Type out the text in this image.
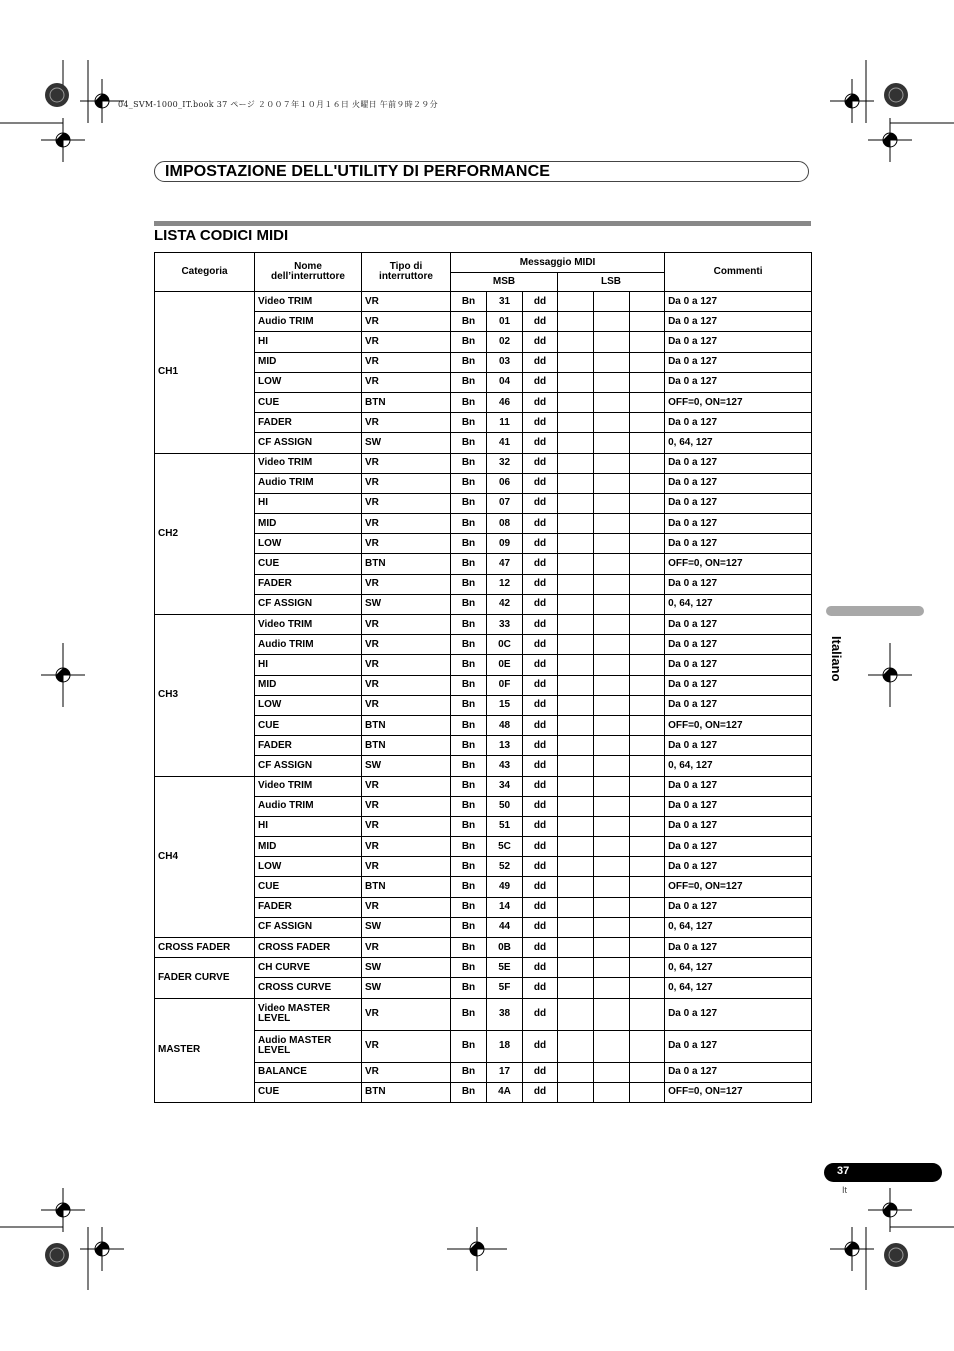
04_SVM-1000_IT.book 37 ページ ２００７年１０月１６日 火曜日 午前９時２９分
IMPOSTAZIONE DELL'UTILITY DI PERFORMANCE
LISTA CODICI MIDI
Italiano
Categoria	Nome dell’interruttore	Tipo di interruttore	Messaggio MIDI						Commenti
			MSB			LSB			
CH1	Video TRIM	VR	Bn	31	dd				Da 0 a 127
	Audio TRIM	VR	Bn	01	dd				Da 0 a 127
	HI	VR	Bn	02	dd				Da 0 a 127
	MID	VR	Bn	03	dd				Da 0 a 127
	LOW	VR	Bn	04	dd				Da 0 a 127
	CUE	BTN	Bn	46	dd				OFF=0, ON=127
	FADER	VR	Bn	11	dd				Da 0 a 127
	CF ASSIGN	SW	Bn	41	dd				0, 64, 127
CH2	Video TRIM	VR	Bn	32	dd				Da 0 a 127
	Audio TRIM	VR	Bn	06	dd				Da 0 a 127
	HI	VR	Bn	07	dd				Da 0 a 127
	MID	VR	Bn	08	dd				Da 0 a 127
	LOW	VR	Bn	09	dd				Da 0 a 127
	CUE	BTN	Bn	47	dd				OFF=0, ON=127
	FADER	VR	Bn	12	dd				Da 0 a 127
	CF ASSIGN	SW	Bn	42	dd				0, 64, 127
CH3	Video TRIM	VR	Bn	33	dd				Da 0 a 127
	Audio TRIM	VR	Bn	0C	dd				Da 0 a 127
	HI	VR	Bn	0E	dd				Da 0 a 127
	MID	VR	Bn	0F	dd				Da 0 a 127
	LOW	VR	Bn	15	dd				Da 0 a 127
	CUE	BTN	Bn	48	dd				OFF=0, ON=127
	FADER	BTN	Bn	13	dd				Da 0 a 127
	CF ASSIGN	SW	Bn	43	dd				0, 64, 127
CH4	Video TRIM	VR	Bn	34	dd				Da 0 a 127
	Audio TRIM	VR	Bn	50	dd				Da 0 a 127
	HI	VR	Bn	51	dd				Da 0 a 127
	MID	VR	Bn	5C	dd				Da 0 a 127
	LOW	VR	Bn	52	dd				Da 0 a 127
	CUE	BTN	Bn	49	dd				OFF=0, ON=127
	FADER	VR	Bn	14	dd				Da 0 a 127
	CF ASSIGN	SW	Bn	44	dd				0, 64, 127
CROSS FADER	CROSS FADER	VR	Bn	0B	dd				Da 0 a 127
FADER CURVE	CH CURVE	SW	Bn	5E	dd				0, 64, 127
	CROSS CURVE	SW	Bn	5F	dd				0, 64, 127
MASTER	Video MASTER LEVEL	VR	Bn	38	dd				Da 0 a 127
	Audio MASTER LEVEL	VR	Bn	18	dd				Da 0 a 127
	BALANCE	VR	Bn	17	dd				Da 0 a 127
	CUE	BTN	Bn	4A	dd				OFF=0, ON=127
37
It
